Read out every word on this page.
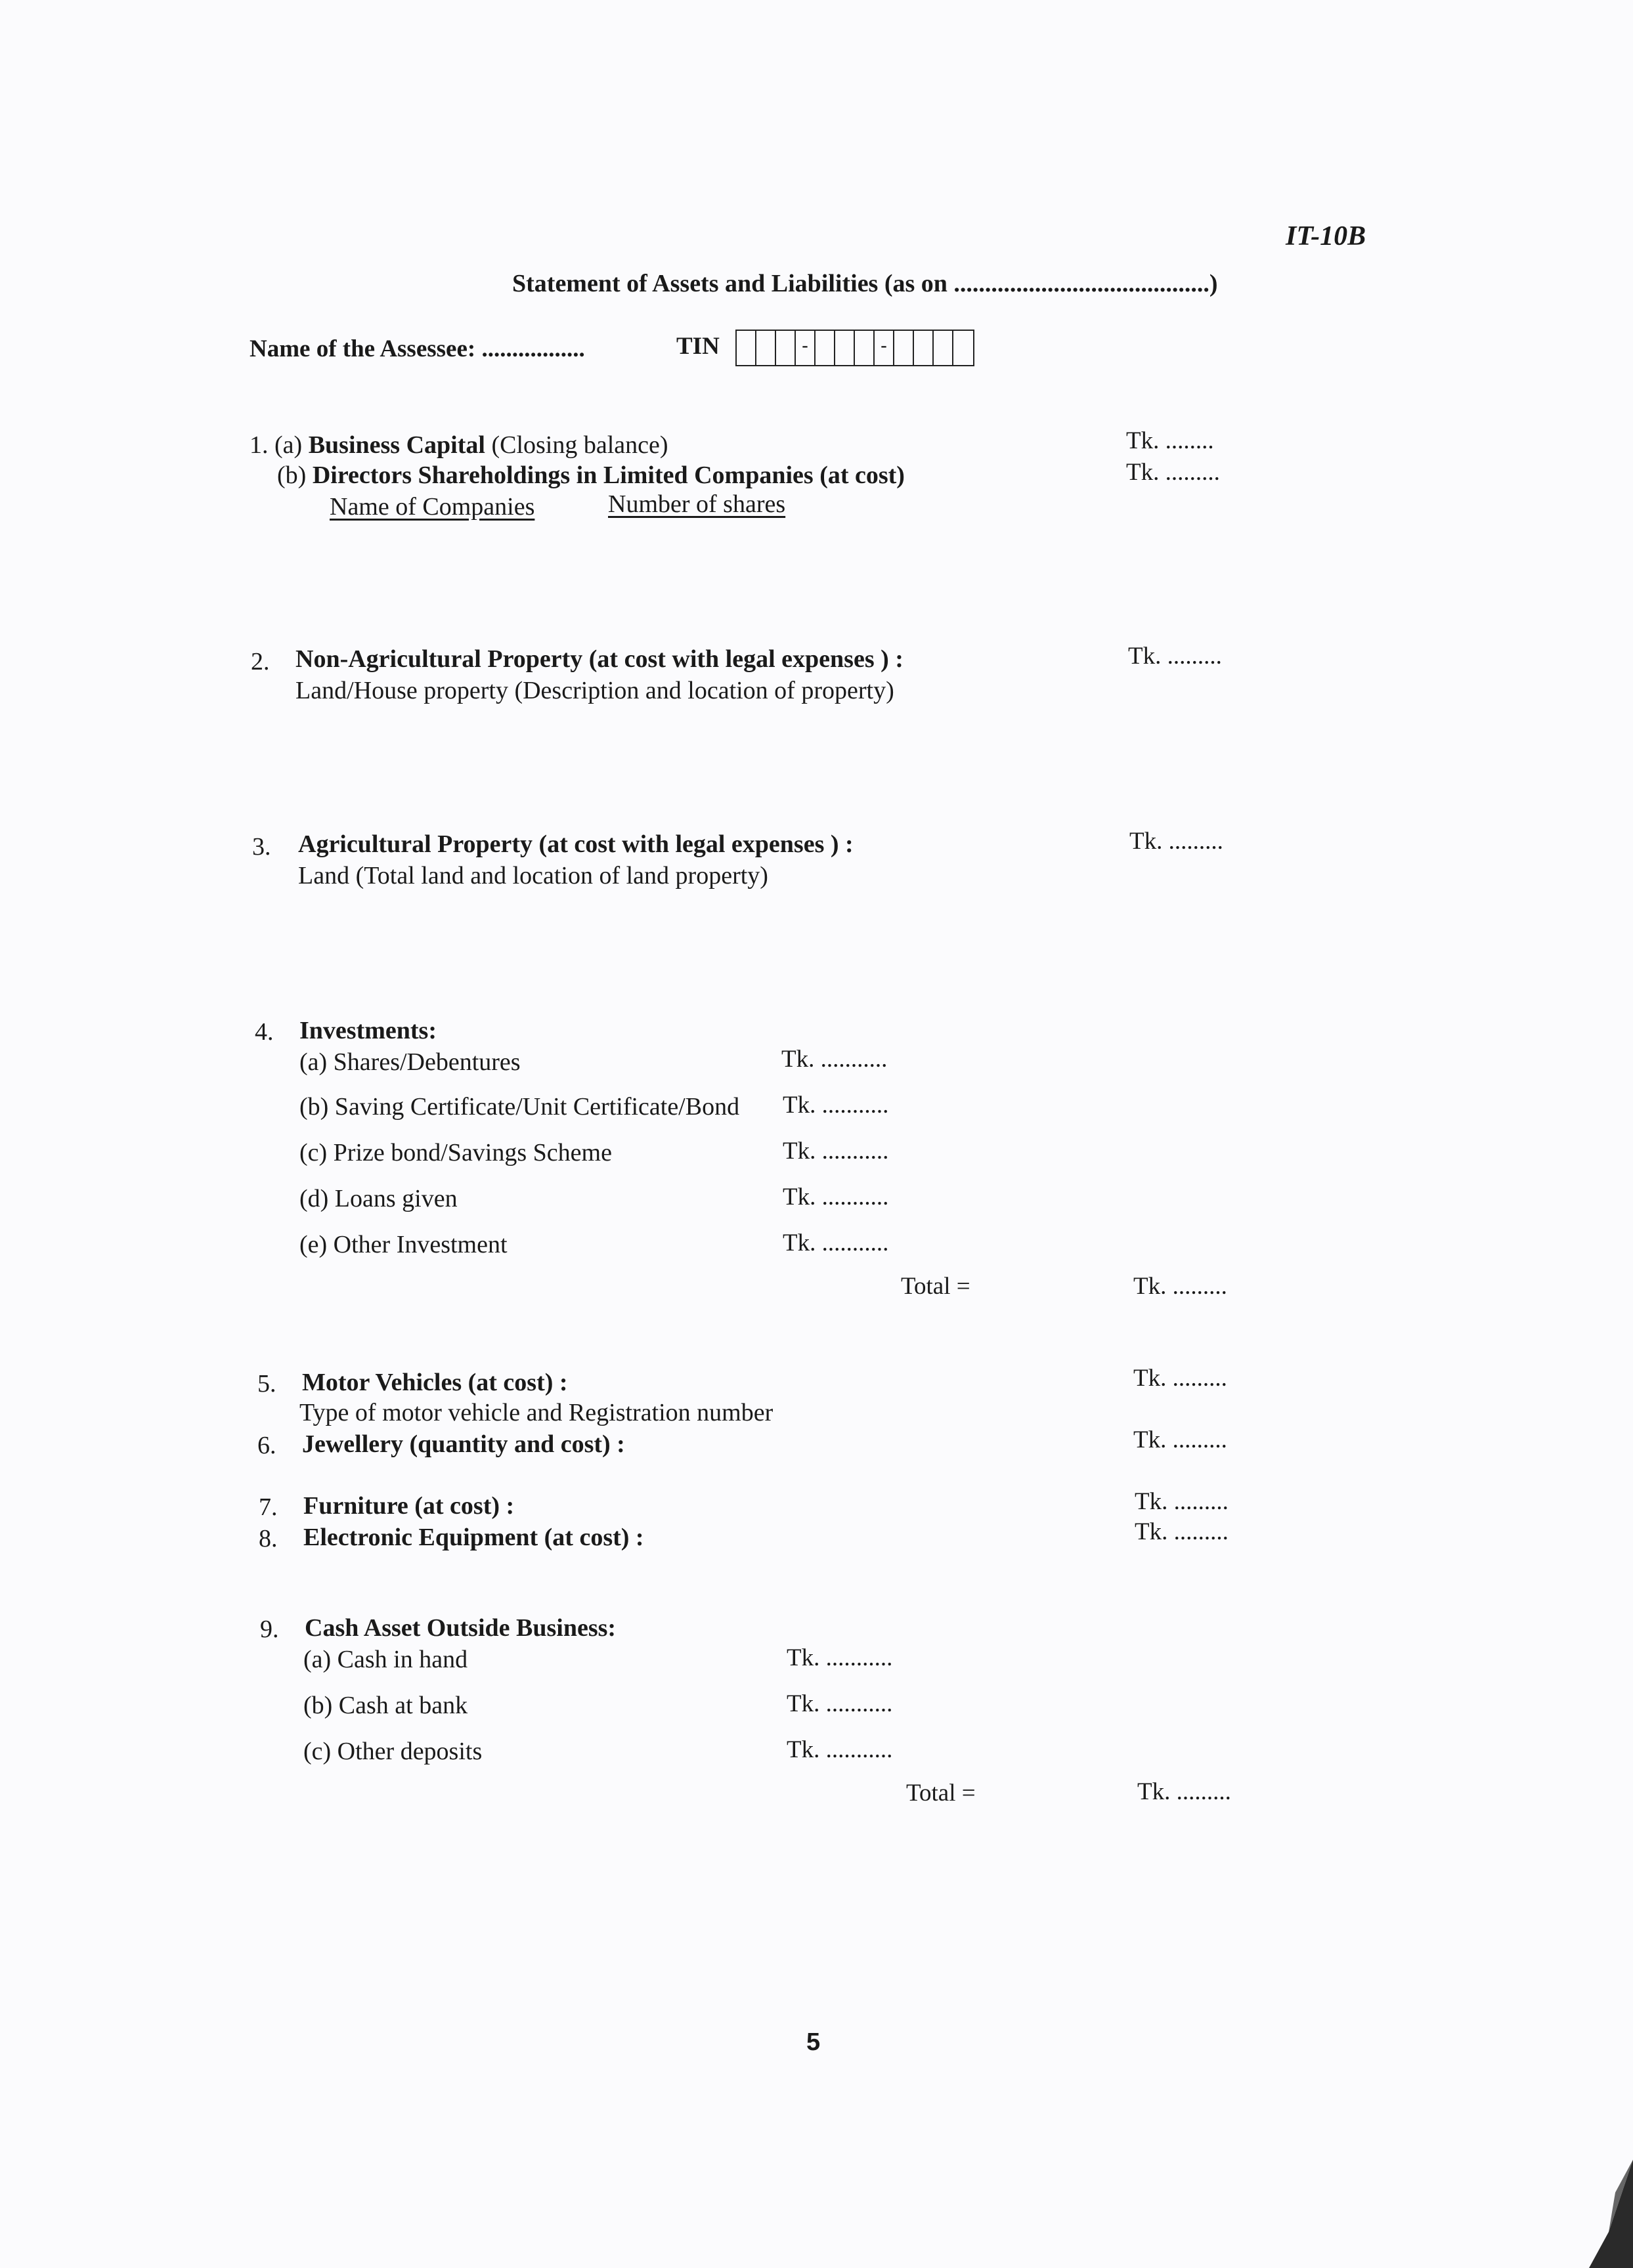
IT-10B
Statement of Assets and Liabilities (as on .........................................)
Name of the Assessee: .................	TIN	-	-
1. (a) Business Capital (Closing balance)	Tk. ........
(b) Directors Shareholdings in Limited Companies (at cost)	Tk. .........
Name of Companies	Number of shares
2. Non-Agricultural Property (at cost with legal expenses ) :
Land/House property (Description and location of property)
Tk. .........
3. Agricultural Property (at cost with legal expenses ) :
Land (Total land and location of land property)
Tk. .........
4. Investments:
(a) Shares/Debentures	Tk. ...........
(b) Saving Certificate/Unit Certificate/Bond Tk. ...........
(c) Prize bond/Savings Scheme	Tk. ...........
(d) Loans given	Tk. ...........
(e) Other Investment	Tk. ...........
Total =	Tk. .........
5. Motor Vehicles (at cost) :
Type of motor vehicle and Registration number
Tk. .........
6. Jewellery (quantity and cost) :	Tk. .........
7. Furniture (at cost) :	Tk. .........
8. Electronic Equipment (at cost) :	Tk. .........
9. Cash Asset Outside Business:
(a) Cash in hand	Tk. ...........
(b) Cash at bank	Tk. ...........
(c) Other deposits	Tk. ...........
Total =	Tk. .........
5
